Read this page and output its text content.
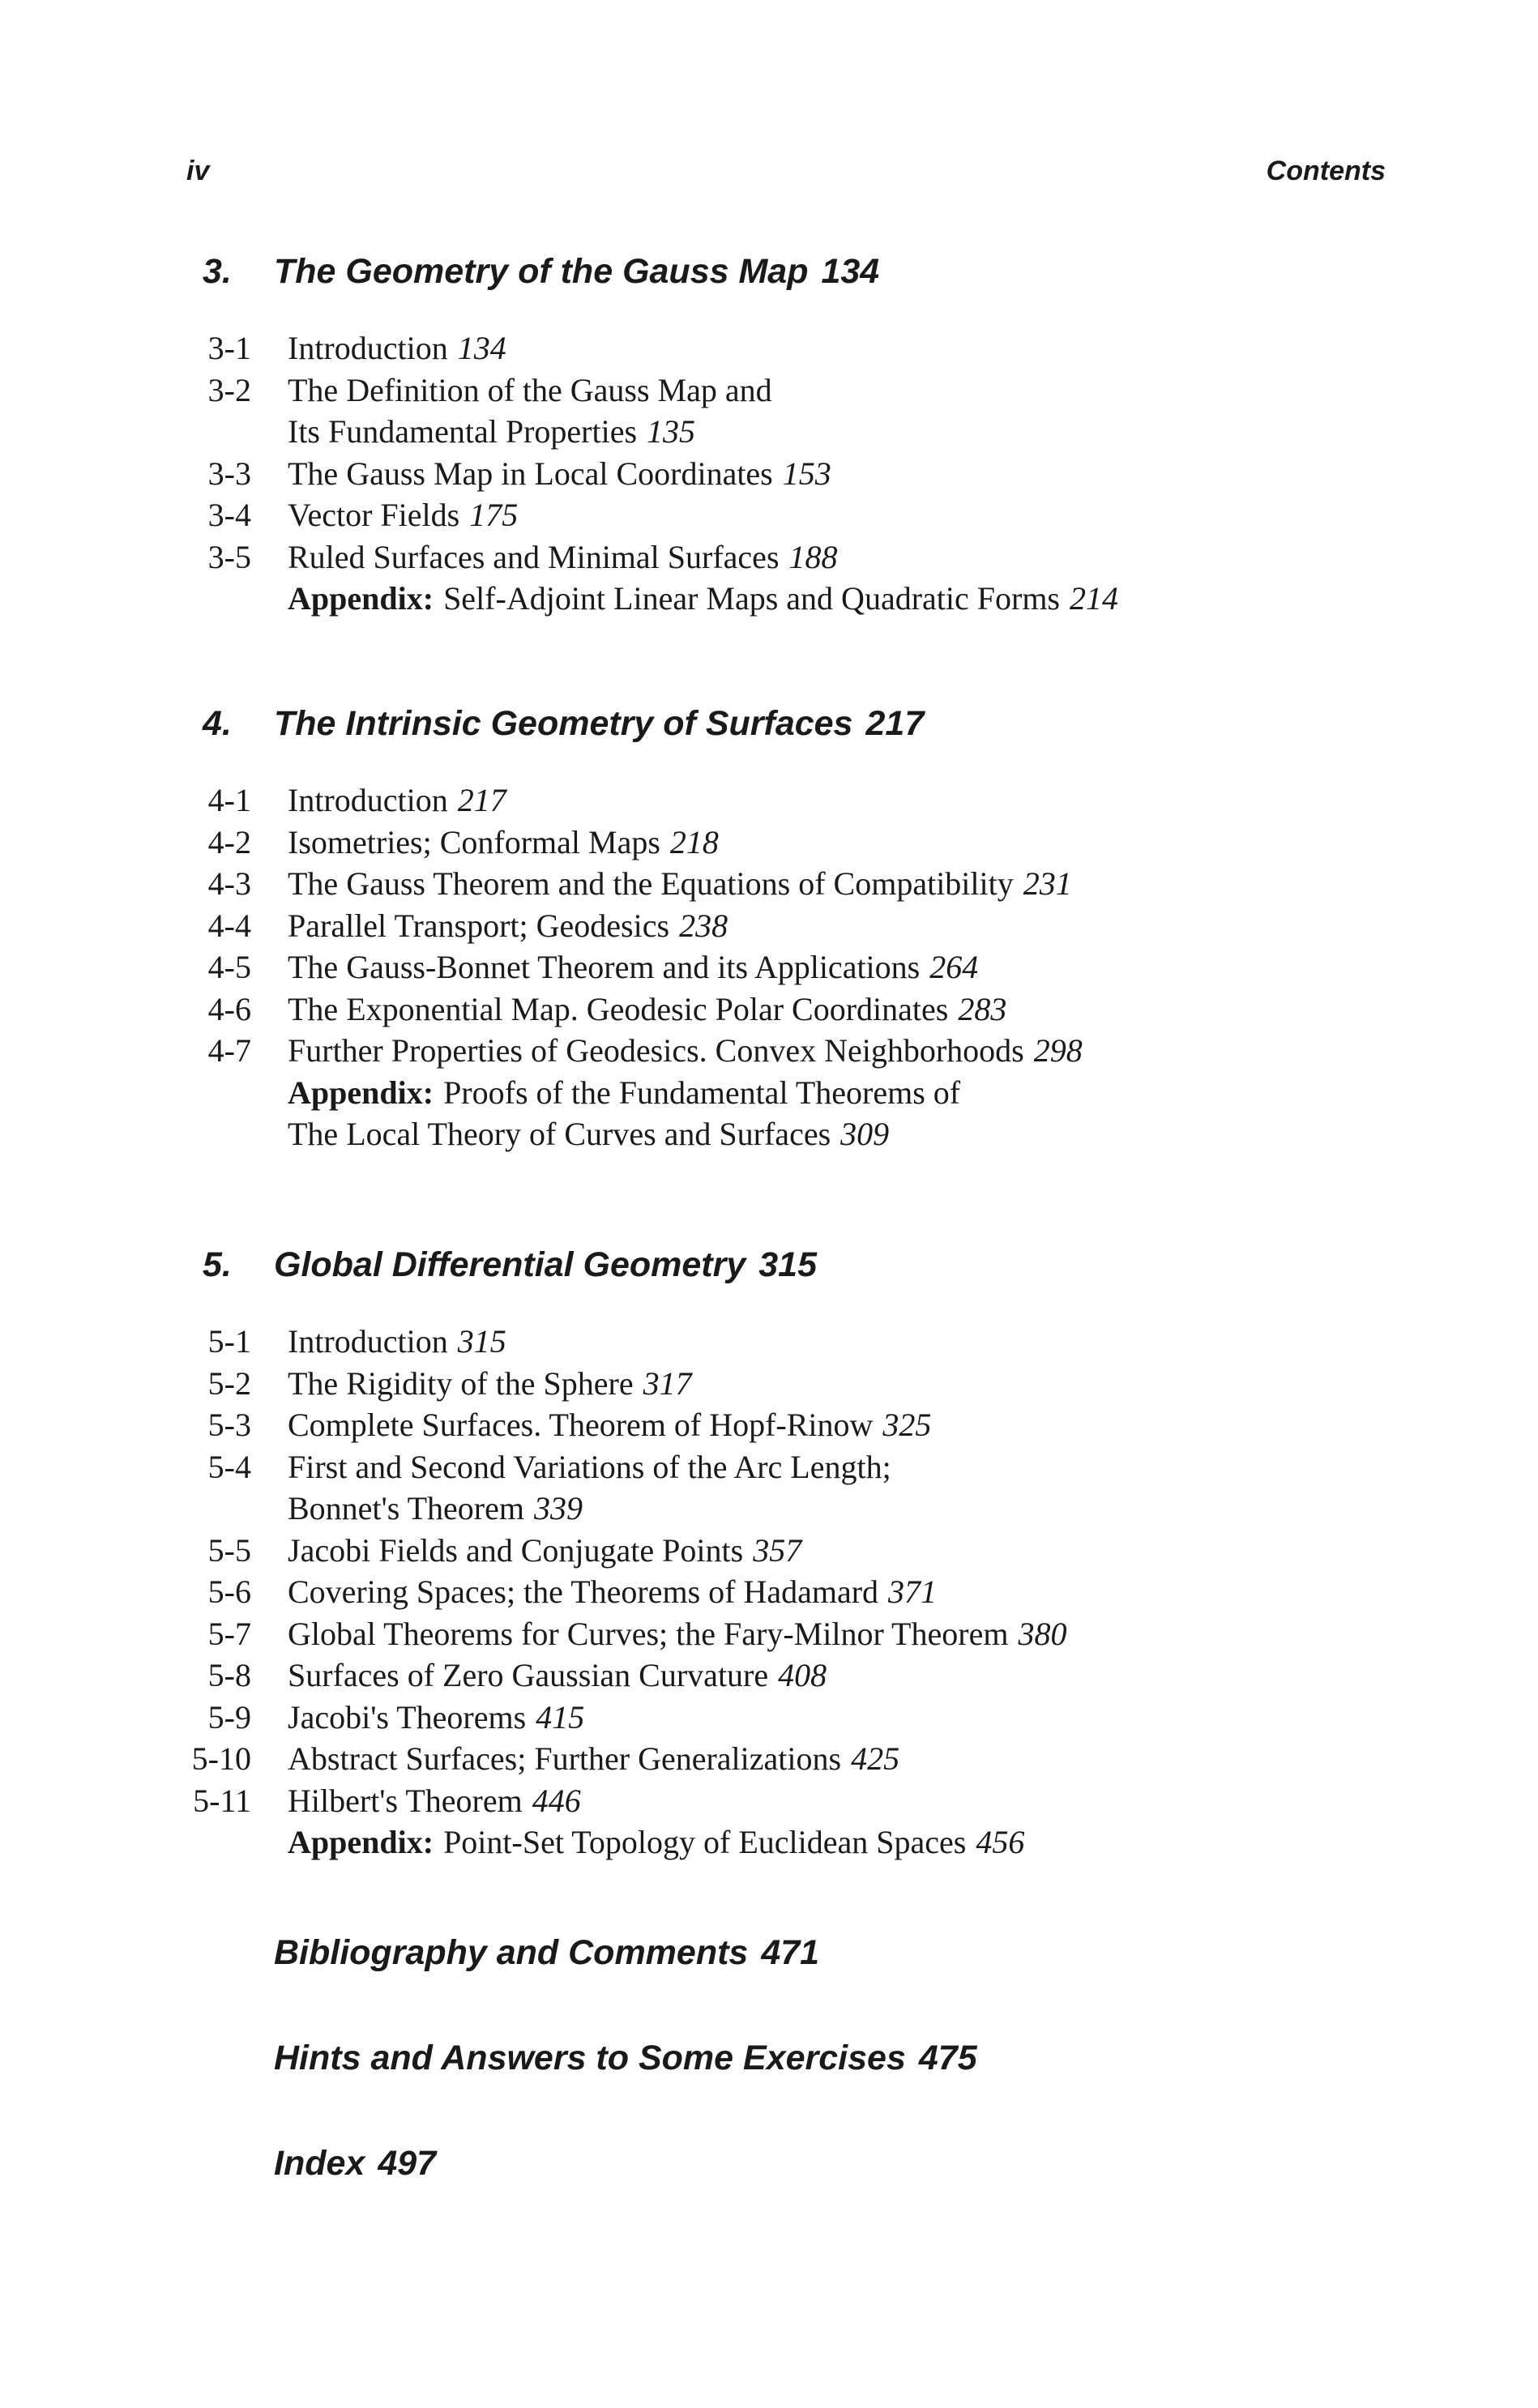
iv	Contents
3.	The Geometry of the Gauss Map 134
3-1 Introduction 134
3-2 The Definition of the Gauss Map and
Its Fundamental Properties 135
3-3 The Gauss Map in Local Coordinates 153
3-4 Vector Fields 175
3-5 Ruled Surfaces and Minimal Surfaces 188
Appendix: Self-Adjoint Linear Maps and Quadratic Forms 214
4.	The Intrinsic Geometry of Surfaces 217
4-1 Introduction 217
4-2 Isometries; Conformal Maps 218
4-3 The Gauss Theorem and the Equations of Compatibility 231
4-4 Parallel Transport; Geodesics 238
4-5 The Gauss-Bonnet Theorem and its Applications 264
4-6 The Exponential Map. Geodesic Polar Coordinates 283
4-7 Further Properties of Geodesics. Convex Neighborhoods 298
Appendix: Proofs of the Fundamental Theorems of
The Local Theory of Curves and Surfaces 309
5.	Global Differential Geometry 315
5-1 Introduction 315
5-2 The Rigidity of the Sphere 317
5-3 Complete Surfaces. Theorem of Hopf-Rinow 325
5-4 First and Second Variations of the Arc Length;
Bonnet's Theorem 339
5-5 Jacobi Fields and Conjugate Points 357
5-6 Covering Spaces; the Theorems of Hadamard 371
5-7 Global Theorems for Curves; the Fary-Milnor Theorem 380
5-8 Surfaces of Zero Gaussian Curvature 408
5-9 Jacobi's Theorems 415
5-10 Abstract Surfaces; Further Generalizations 425
5-11 Hilbert's Theorem 446
Appendix: Point-Set Topology of Euclidean Spaces 456
Bibliography and Comments 471
Hints and Answers to Some Exercises 475
Index 497
